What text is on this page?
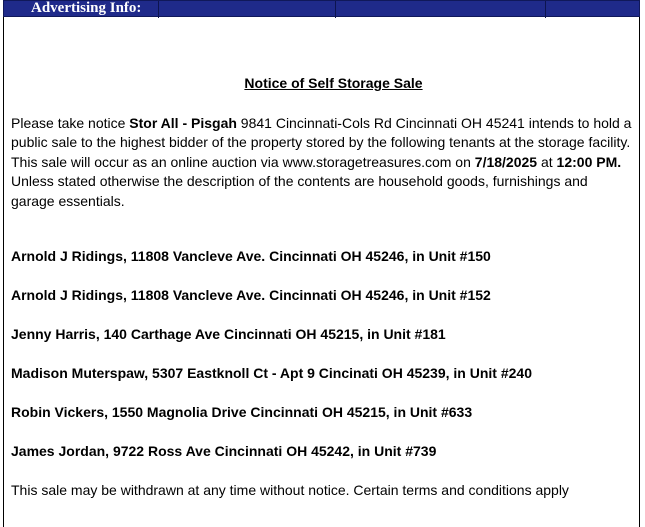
Advertising Info:
Notice of Self Storage Sale

Please take notice Stor All - Pisgah 9841 Cincinnati-Cols Rd Cincinnati OH 45241 intends to hold a public sale to the highest bidder of the property stored by the following tenants at the storage facility. This sale will occur as an online auction via www.storagetreasures.com on 7/18/2025 at 12:00 PM. Unless stated otherwise the description of the contents are household goods, furnishings and garage essentials.

Arnold J Ridings, 11808 Vancleve Ave. Cincinnati OH 45246, in Unit #150
Arnold J Ridings, 11808 Vancleve Ave. Cincinnati OH 45246, in Unit #152
Jenny Harris, 140 Carthage Ave Cincinnati OH 45215, in Unit #181
Madison Muterspaw, 5307 Eastknoll Ct - Apt 9 Cincinati OH 45239, in Unit #240
Robin Vickers, 1550 Magnolia Drive Cincinnati OH 45215, in Unit #633
James Jordan, 9722 Ross Ave Cincinnati OH 45242, in Unit #739

This sale may be withdrawn at any time without notice. Certain terms and conditions apply
